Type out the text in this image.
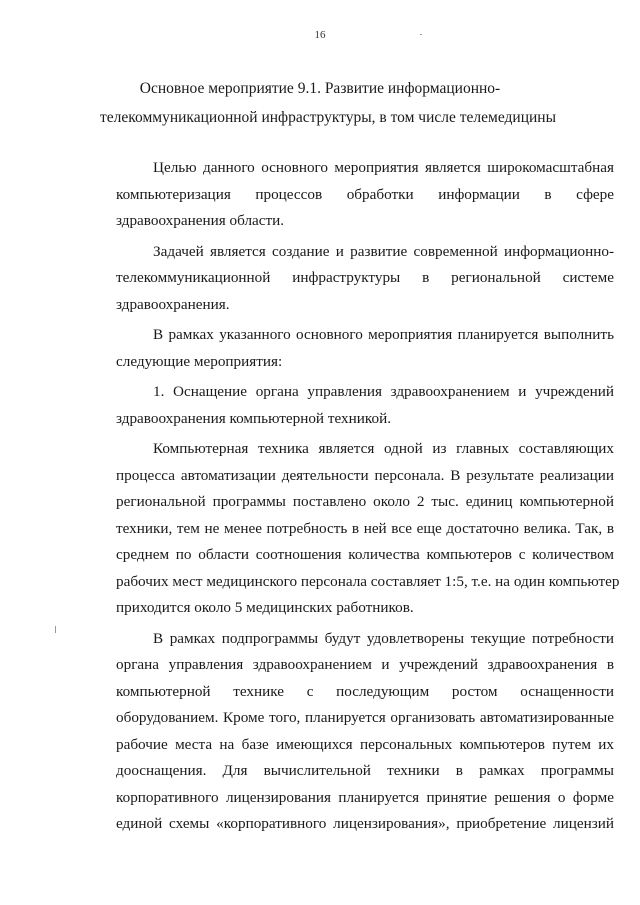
16
Основное мероприятие 9.1. Развитие информационно-
телекоммуникационной инфраструктуры, в том числе телемедицины
Целью данного основного мероприятия является широкомасштабная
компьютеризация процессов обработки информации в сфере
здравоохранения области.
Задачей является создание и развитие современной информационно-
телекоммуникационной инфраструктуры в региональной системе
здравоохранения.
В рамках указанного основного мероприятия планируется выполнить
следующие мероприятия:
1. Оснащение органа управления здравоохранением и учреждений
здравоохранения компьютерной техникой.
Компьютерная техника является одной из главных составляющих
процесса автоматизации деятельности персонала. В результате реализации
региональной программы поставлено около 2 тыс. единиц компьютерной
техники, тем не менее потребность в ней все еще достаточно велика. Так, в
среднем по области соотношения количества компьютеров с количеством
рабочих мест медицинского персонала составляет 1:5, т.е. на один компьютер
приходится около 5 медицинских работников.
В рамках подпрограммы будут удовлетворены текущие потребности
органа управления здравоохранением и учреждений здравоохранения в
компьютерной технике с последующим ростом оснащенности
оборудованием. Кроме того, планируется организовать автоматизированные
рабочие места на базе имеющихся персональных компьютеров путем их
дооснащения. Для вычислительной техники в рамках программы
корпоративного лицензирования планируется принятие решения о форме
единой схемы «корпоративного лицензирования», приобретение лицензий
